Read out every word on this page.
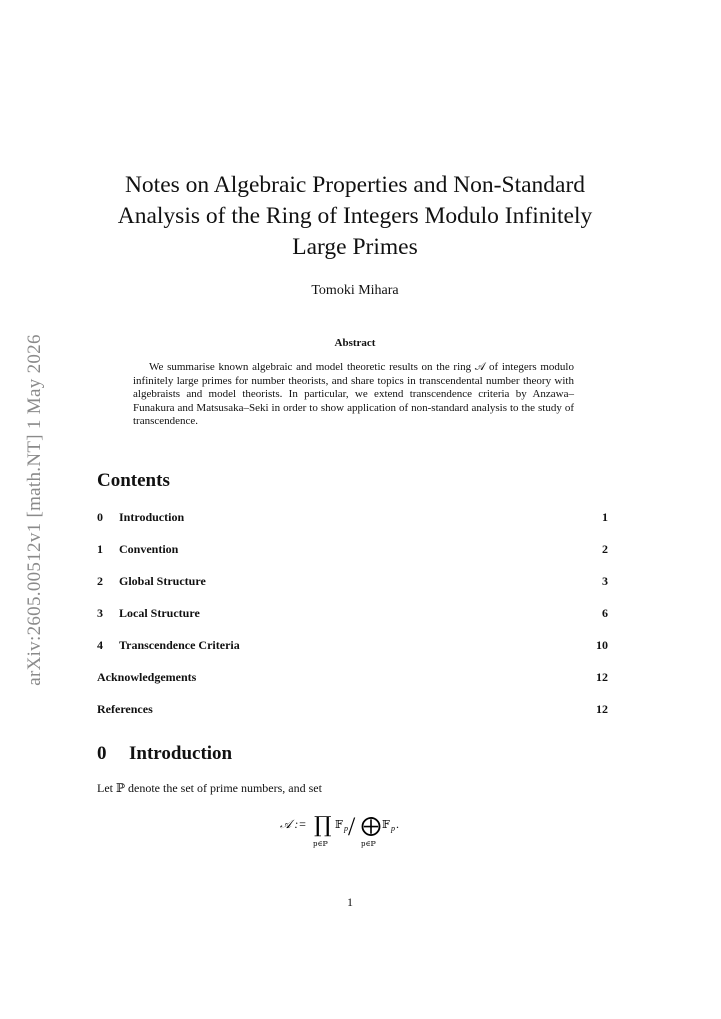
arXiv:2605.00512v1 [math.NT] 1 May 2026
Notes on Algebraic Properties and Non-Standard
Analysis of the Ring of Integers Modulo Infinitely
Large Primes
Tomoki Mihara
Abstract
We summarise known algebraic and model theoretic results on the ring 𝒜 of integers modulo infinitely large primes for number theorists, and share topics in transcendental number theory with algebraists and model theorists. In particular, we extend transcendence criteria by Anzawa–Funakura and Matsusaka–Seki in order to show application of non-standard analysis to the study of transcendence.
Contents
0 Introduction	1
1 Convention	2
2 Global Structure	3
3 Local Structure	6
4 Transcendence Criteria	10
Acknowledgements	12
References	12
0 Introduction
Let ℙ denote the set of prime numbers, and set
𝒜 := ∏
p∈ℙ
𝔽 p / ⨁
p∈ℙ
𝔽 p .
1
